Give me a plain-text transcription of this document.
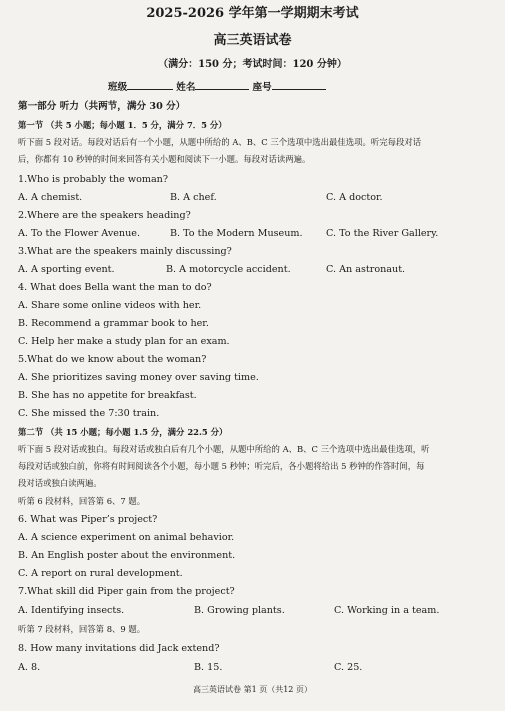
2025-2026 学年第一学期期末考试
高三英语试卷
（满分：150 分；考试时间：120 分钟）
班级	姓名	座号
第一部分 听力（共两节，满分 30 分）
第一节 （共 5 小题；每小题 1．5 分，满分 7．5 分）
听下面 5 段对话。每段对话后有一个小题，从题中所给的 A、B、C 三个选项中选出最佳选项。听完每段对话
后，你都有 10 秒钟的时间来回答有关小题和阅读下一小题。每段对话读两遍。
1.Who is probably the woman?
A. A chemist.	B. A chef.	C. A doctor.
2.Where are the speakers heading?
A. To the Flower Avenue.	B. To the Modern Museum. C. To the River Gallery.
3.What are the speakers mainly discussing?
A. A sporting event.	B. A motorcycle accident.	C. An astronaut.
4. What does Bella want the man to do?
A. Share some online videos with her.
B. Recommend a grammar book to her.
C. Help her make a study plan for an exam.
5.What do we know about the woman?
A. She prioritizes saving money over saving time.
B. She has no appetite for breakfast.
C. She missed the 7:30 train.
第二节 （共 15 小题；每小题 1.5 分，满分 22.5 分）
听下面 5 段对话或独白。每段对话或独白后有几个小题，从题中所给的 A、B、C 三个选项中选出最佳选项，听
每段对话或独白前，你将有时间阅读各个小题，每小题 5 秒钟；听完后，各小题将给出 5 秒钟的作答时间，每
段对话或独白读两遍。
听第 6 段材料，回答第 6、7 题。
6. What was Piper’s project?
A. A science experiment on animal behavior.
B. An English poster about the environment.
C. A report on rural development.
7.What skill did Piper gain from the project?
A. Identifying insects.	B. Growing plants.	C. Working in a team.
听第 7 段材料，回答第 8、9 题。
8. How many invitations did Jack extend?
A. 8.	B. 15.	C. 25.
高三英语试卷 第1 页（共12 页）
